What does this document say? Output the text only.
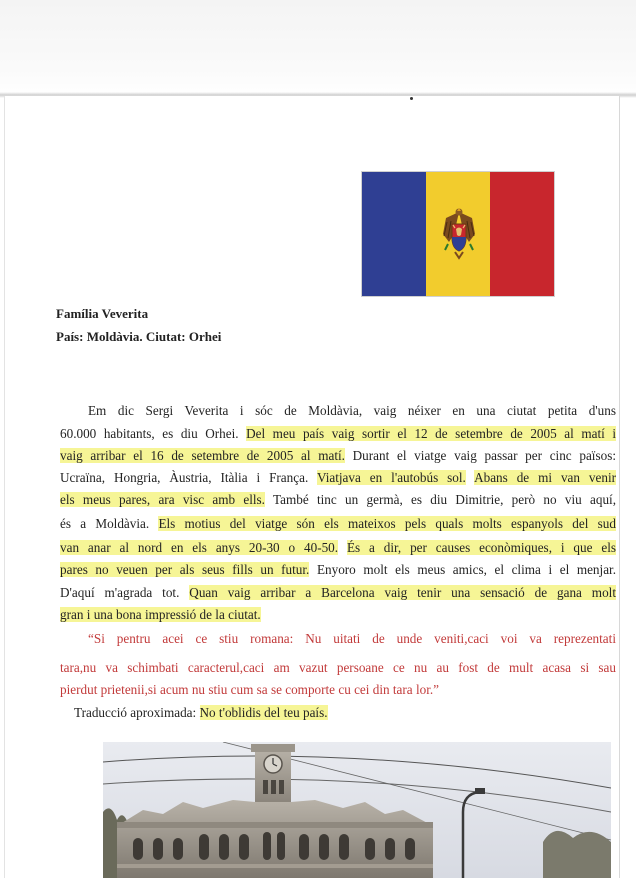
Família Veverita
País: Moldàvia. Ciutat: Orhei
Em dic Sergi Veverita i sóc de Moldàvia, vaig néixer en una ciutat petita d'uns
60.000 habitants, es diu Orhei. Del meu país vaig sortir el 12 de setembre de 2005 al matí i
vaig arribar el 16 de setembre de 2005 al matí. Durant el viatge vaig passar per cinc països:
Ucraïna, Hongria, Àustria, Itàlia i França. Viatjava en l'autobús sol. Abans de mi van venir
els meus pares, ara visc amb ells. També tinc un germà, es diu Dimitrie, però no viu aquí,
és a Moldàvia. Els motius del viatge són els mateixos pels quals molts espanyols del sud
van anar al nord en els anys 20-30 o 40-50. És a dir, per causes econòmiques, i que els
pares no veuen per als seus fills un futur. Enyoro molt els meus amics, el clima i el menjar.
D'aquí m'agrada tot. Quan vaig arribar a Barcelona vaig tenir una sensació de gana molt
gran i una bona impressió de la ciutat.
“Si pentru acei ce stiu romana: Nu uitati de unde veniti,caci voi va reprezentati
tara,nu va schimbati caracterul,caci am vazut persoane ce nu au fost de mult acasa si sau
pierdut prietenii,si acum nu stiu cum sa se comporte cu cei din tara lor.”
Traducció aproximada: No t'oblidis del teu país.
